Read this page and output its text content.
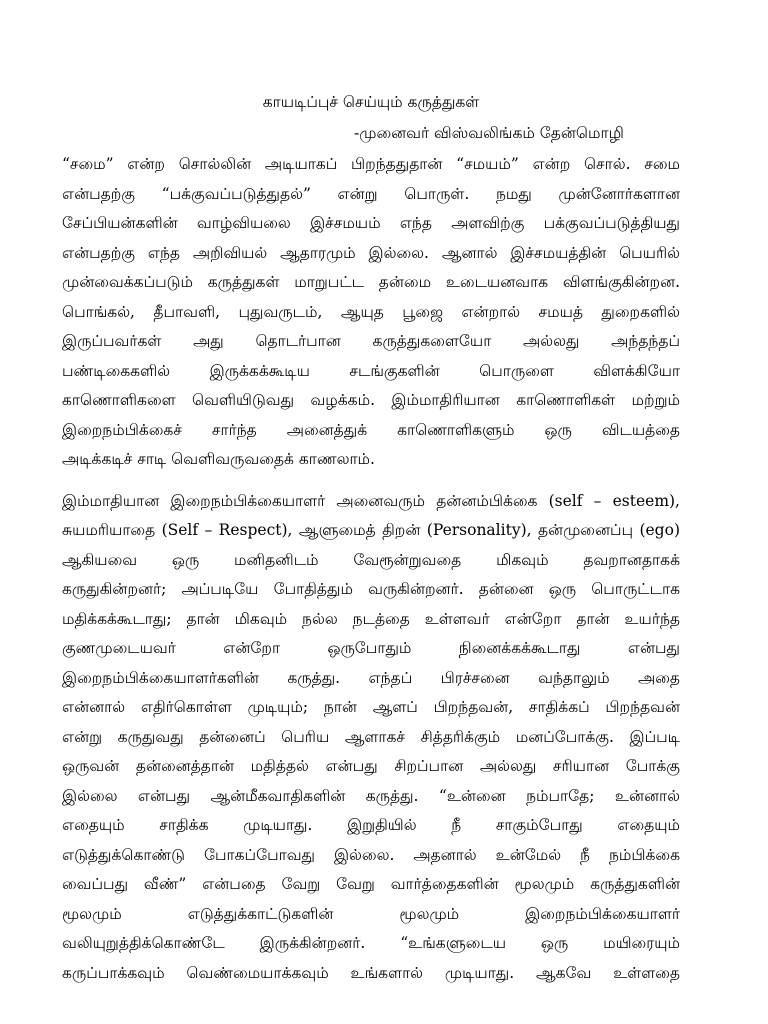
காயடிப்புச் செய்யும் கருத்துகள்
-முனைவர் விஸ்வலிங்கம் தேன்மொழி
“சமை” என்ற சொல்லின் அடியாகப் பிறந்ததுதான் “சமயம்” என்ற சொல். சமை
என்பதற்கு “பக்குவப்படுத்துதல்” என்று பொருள். நமது முன்னோர்களான
சேப்பியன்களின் வாழ்வியலை இச்சமயம் எந்த அளவிற்கு பக்குவப்படுத்தியது
என்பதற்கு எந்த அறிவியல் ஆதாரமும் இல்லை. ஆனால் இச்சமயத்தின் பெயரில்
முன்வைக்கப்படும் கருத்துகள் மாறுபட்ட தன்மை உடையனவாக விளங்குகின்றன.
பொங்கல், தீபாவளி, புதுவருடம், ஆயுத பூஜை என்றால் சமயத் துறைகளில்
இருப்பவர்கள் அது தொடர்பான கருத்துகளையோ அல்லது அந்தந்தப்
பண்டிகைகளில் இருக்கக்கூடிய சடங்குகளின் பொருளை விளக்கியோ
காணொளிகளை வெளியிடுவது வழக்கம். இம்மாதிரியான காணொளிகள் மற்றும்
இறைநம்பிக்கைச் சார்ந்த அனைத்துக் காணொளிகளும் ஒரு விடயத்தை
அடிக்கடிச் சாடி வெளிவருவதைக் காணலாம்.
இம்மாதியான இறைநம்பிக்கையாளர் அனைவரும் தன்னம்பிக்கை (self – esteem),
சுயமரியாதை (Self – Respect), ஆளுமைத் திறன் (Personality), தன்முனைப்பு (ego)
ஆகியவை ஒரு மனிதனிடம் வேரூன்றுவதை மிகவும் தவறானதாகக்
கருதுகின்றனர்; அப்படியே போதித்தும் வருகின்றனர். தன்னை ஒரு பொருட்டாக
மதிக்கக்கூடாது; தான் மிகவும் நல்ல நடத்தை உள்ளவர் என்றோ தான் உயர்ந்த
குணமுடையவர் என்றோ ஒருபோதும் நினைக்கக்கூடாது என்பது
இறைநம்பிக்கையாளர்களின் கருத்து. எந்தப் பிரச்சனை வந்தாலும் அதை
என்னால் எதிர்கொள்ள முடியும்; நான் ஆளப் பிறந்தவன், சாதிக்கப் பிறந்தவன்
என்று கருதுவது தன்னைப் பெரிய ஆளாகச் சித்தரிக்கும் மனப்போக்கு. இப்படி
ஒருவன் தன்னைத்தான் மதித்தல் என்பது சிறப்பான அல்லது சரியான போக்கு
இல்லை என்பது ஆன்மீகவாதிகளின் கருத்து. “உன்னை நம்பாதே; உன்னால்
எதையும் சாதிக்க முடியாது. இறுதியில் நீ சாகும்போது எதையும்
எடுத்துக்கொண்டு போகப்போவது இல்லை. அதனால் உன்மேல் நீ நம்பிக்கை
வைப்பது வீண்” என்பதை வேறு வேறு வார்த்தைகளின் மூலமும் கருத்துகளின்
மூலமும் எடுத்துக்காட்டுகளின் மூலமும் இறைநம்பிக்கையாளர்
வலியுறுத்திக்கொண்டே இருக்கின்றனர். “உங்களுடைய ஒரு மயிரையும்
கருப்பாக்கவும் வெண்மையாக்கவும் உங்களால் முடியாது. ஆகவே உள்ளதை
